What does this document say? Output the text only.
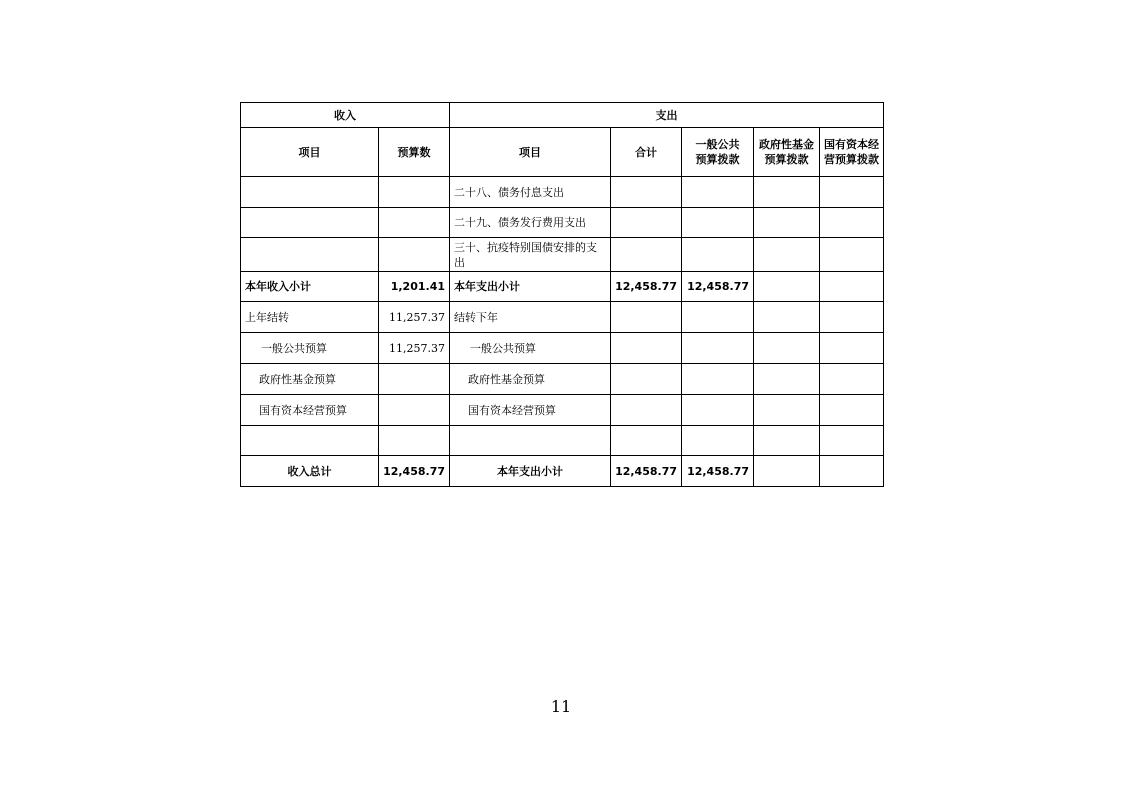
收入		支出				
项目	预算数	项目	合计	一般公共预算拨款	政府性基金预算拨款	国有资本经营预算拨款
		二十八、债务付息支出				
		二十九、债务发行费用支出				
		三十、抗疫特别国债安排的支出				
本年收入小计	1,201.41	本年支出小计	12,458.77	12,458.77		
上年结转	11,257.37	结转下年				
一般公共预算	11,257.37	一般公共预算				
政府性基金预算		政府性基金预算				
国有资本经营预算		国有资本经营预算				

收入总计	12,458.77	本年支出小计	12,458.77	12,458.77		
11
